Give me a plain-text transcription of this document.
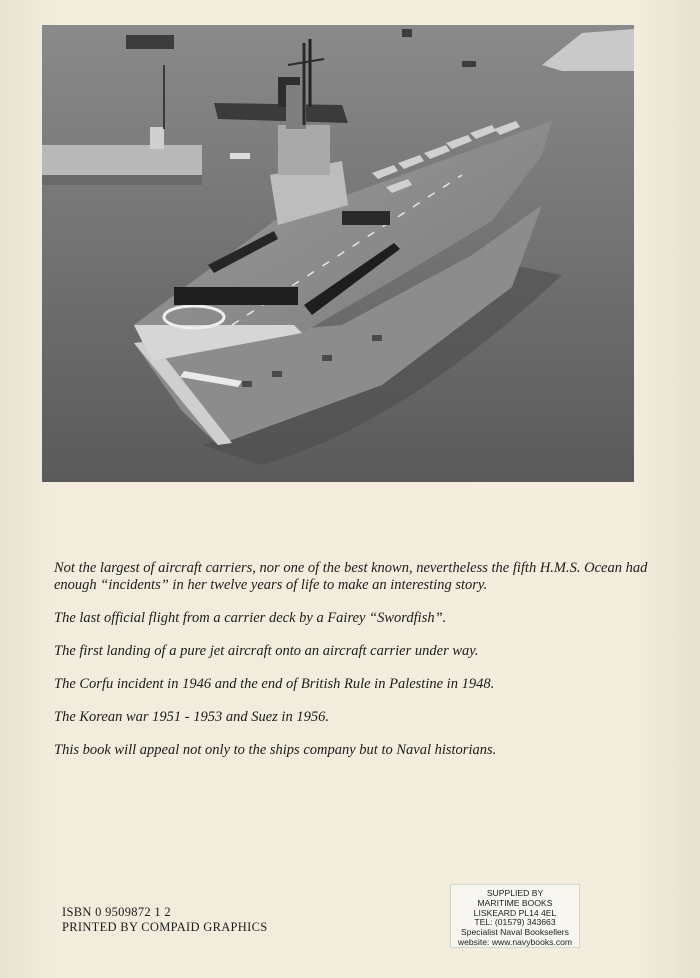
Not the largest of aircraft carriers, nor one of the best known, nevertheless the fifth H.M.S. Ocean had enough “incidents” in her twelve years of life to make an interesting story.

The last official flight from a carrier deck by a Fairey “Swordfish”.

The first landing of a pure jet aircraft onto an aircraft carrier under way.

The Corfu incident in 1946 and the end of British Rule in Palestine in 1948.

The Korean war 1951 - 1953 and Suez in 1956.

This book will appeal not only to the ships company but to Naval historians.

ISBN 0 9509872 1 2
PRINTED BY COMPAID GRAPHICS
SUPPLIED BY
MARITIME BOOKS
LISKEARD PL14 4EL
TEL: (01579) 343663
Specialist Naval Booksellers
website: www.navybooks.com
